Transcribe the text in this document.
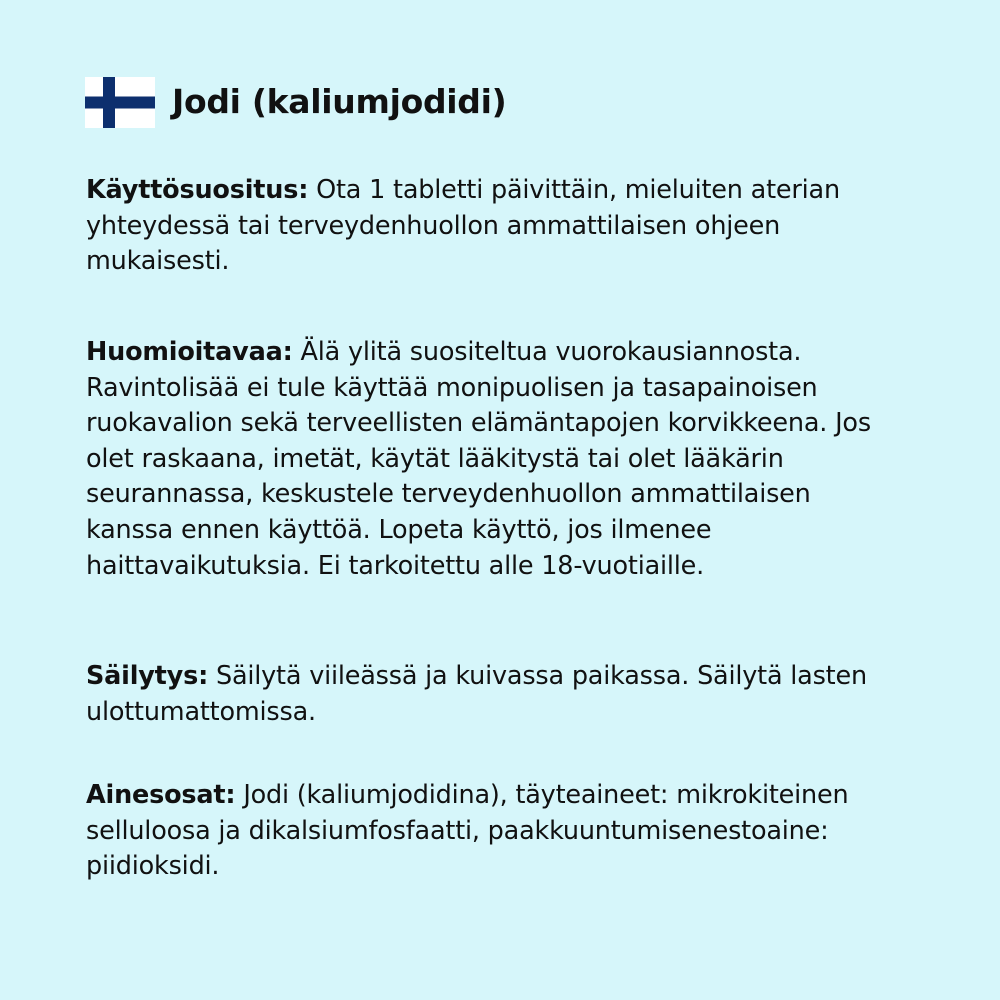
Jodi (kaliumjodidi)

Käyttösuositus: Ota 1 tabletti päivittäin, mieluiten aterian yhteydessä tai terveydenhuollon ammattilaisen ohjeen mukaisesti.

Huomioitavaa: Älä ylitä suositeltua vuorokausiannosta. Ravintolisää ei tule käyttää monipuolisen ja tasapainoisen ruokavalion sekä terveellisten elämäntapojen korvikkeena. Jos olet raskaana, imetät, käytät lääkitystä tai olet lääkärin seurannassa, keskustele terveydenhuollon ammattilaisen kanssa ennen käyttöä. Lopeta käyttö, jos ilmenee haittavaikutuksia. Ei tarkoitettu alle 18-vuotiaille.

Säilytys: Säilytä viileässä ja kuivassa paikassa. Säilytä lasten ulottumattomissa.

Ainesosat: Jodi (kaliumjodidina), täyteaineet: mikrokiteinen selluloosa ja dikalsiumfosfaatti, paakkuuntumisenestoaine: piidioksidi.
